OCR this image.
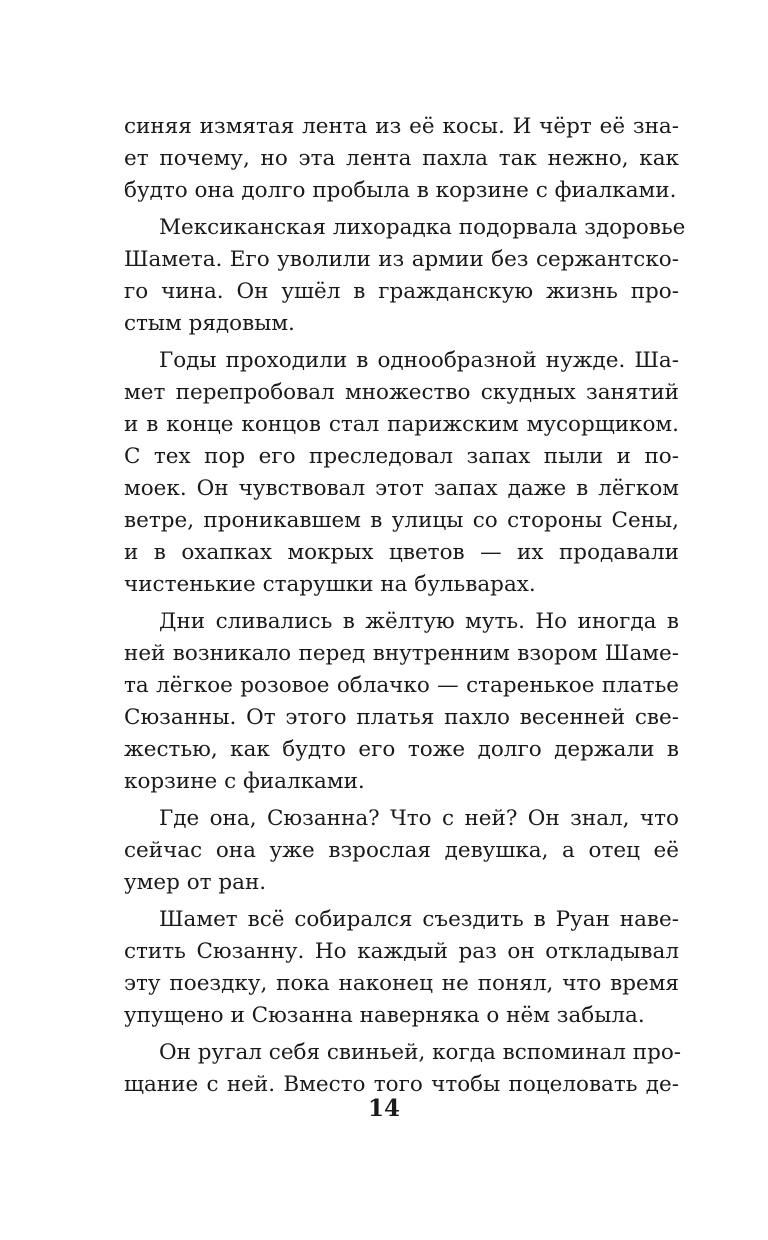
синяя измятая лента из её косы. И чёрт её зна-
ет почему, но эта лента пахла так нежно, как
будто она долго пробыла в корзине с фиалками.
Мексиканская лихорадка подорвала здоровье
Шамета. Его уволили из армии без сержантско-
го чина. Он ушёл в гражданскую жизнь про-
стым рядовым.
Годы проходили в однообразной нужде. Ша-
мет перепробовал множество скудных занятий
и в конце концов стал парижским мусорщиком.
С тех пор его преследовал запах пыли и по-
моек. Он чувствовал этот запах даже в лёгком
ветре, проникавшем в улицы со стороны Сены,
и в охапках мокрых цветов — их продавали
чистенькие старушки на бульварах.
Дни сливались в жёлтую муть. Но иногда в
ней возникало перед внутренним взором Шаме-
та лёгкое розовое облачко — старенькое платье
Сюзанны. От этого платья пахло весенней све-
жестью, как будто его тоже долго держали в
корзине с фиалками.
Где она, Сюзанна? Что с ней? Он знал, что
сейчас она уже взрослая девушка, а отец её
умер от ран.
Шамет всё собирался съездить в Руан наве-
стить Сюзанну. Но каждый раз он откладывал
эту поездку, пока наконец не понял, что время
упущено и Сюзанна наверняка о нём забыла.
Он ругал себя свиньей, когда вспоминал про-
щание с ней. Вместо того чтобы поцеловать де-
14
